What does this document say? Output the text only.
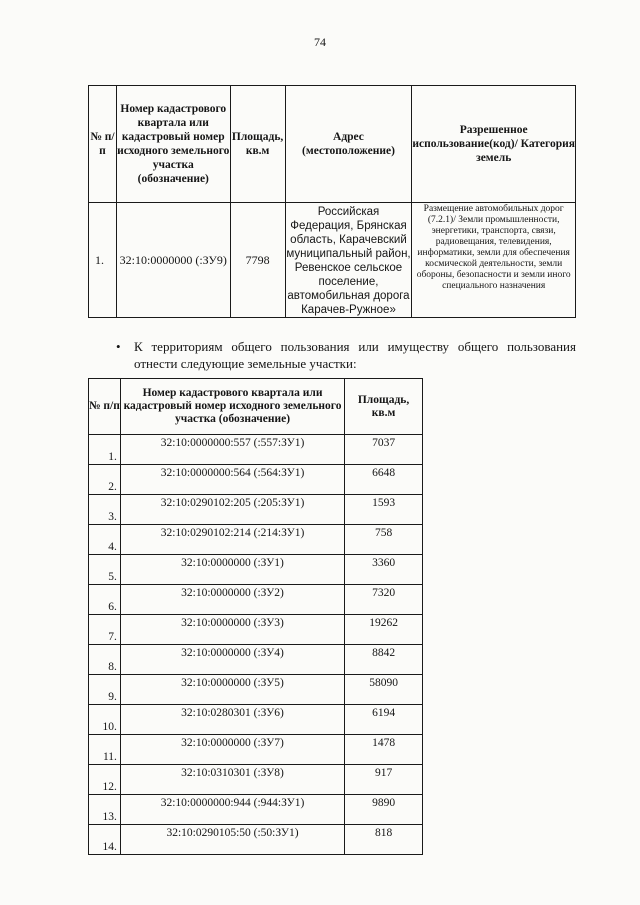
74
№ п/п	Номер кадастрового квартала или кадастровый номер исходного земельного участка (обозначение)	Площадь, кв.м	Адрес (местоположение)	Разрешенное использование(код)/ Категория земель
1.	32:10:0000000 (:ЗУ9)	7798	Российская Федерация, Брянская область, Карачевский муниципальный район, Ревенское сельское поселение, автомобильная дорога Карачев-Ружное»	Размещение автомобильных дорог (7.2.1)/ Земли промышленности, энергетики, транспорта, связи, радиовещания, телевидения, информатики, земли для обеспечения космической деятельности, земли обороны, безопасности и земли иного специального назначения
• К территориям общего пользования или имуществу общего пользования отнести следующие земельные участки:
№ п/п	Номер кадастрового квартала или кадастровый номер исходного земельного участка (обозначение)	Площадь, кв.м
1.	32:10:0000000:557 (:557:ЗУ1)	7037
2.	32:10:0000000:564 (:564:ЗУ1)	6648
3.	32:10:0290102:205 (:205:ЗУ1)	1593
4.	32:10:0290102:214 (:214:ЗУ1)	758
5.	32:10:0000000 (:ЗУ1)	3360
6.	32:10:0000000 (:ЗУ2)	7320
7.	32:10:0000000 (:ЗУ3)	19262
8.	32:10:0000000 (:ЗУ4)	8842
9.	32:10:0000000 (:ЗУ5)	58090
10.	32:10:0280301 (:ЗУ6)	6194
11.	32:10:0000000 (:ЗУ7)	1478
12.	32:10:0310301 (:ЗУ8)	917
13.	32:10:0000000:944 (:944:ЗУ1)	9890
14.	32:10:0290105:50 (:50:ЗУ1)	818
